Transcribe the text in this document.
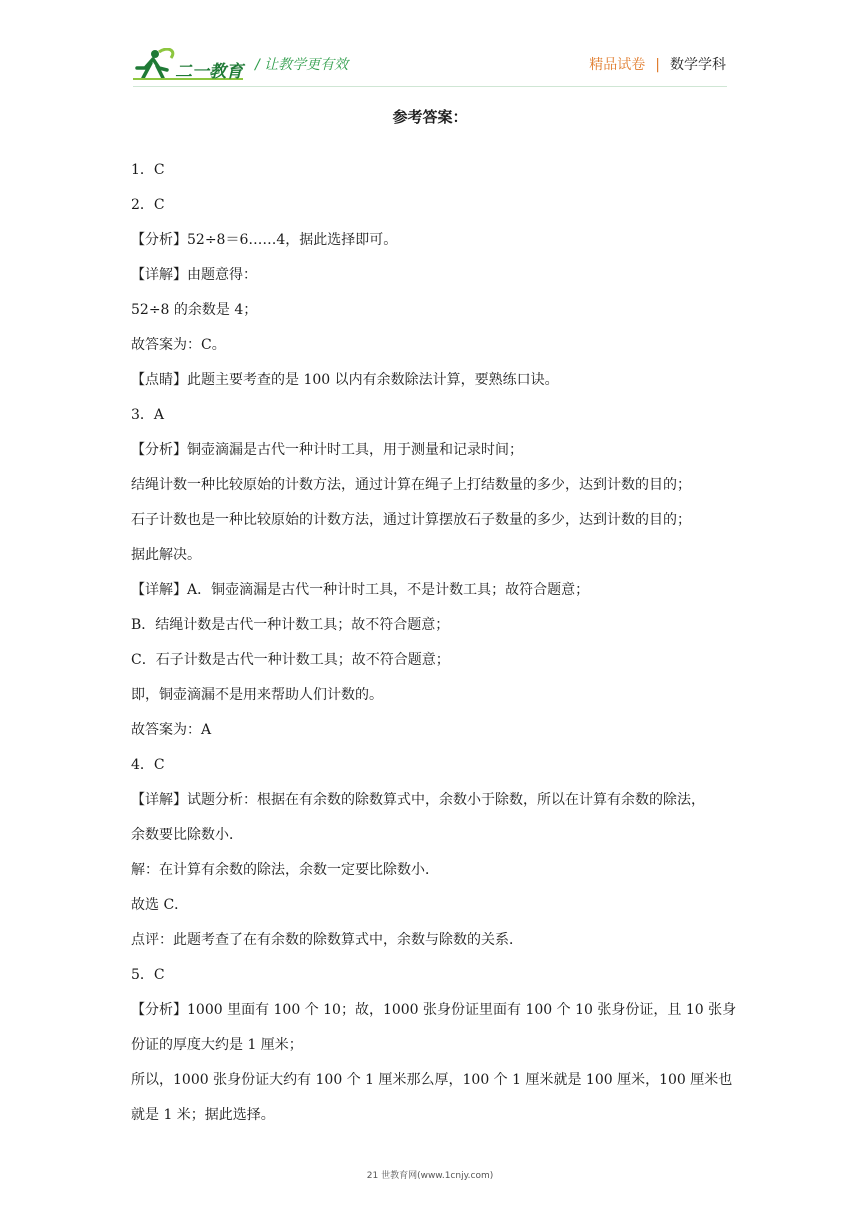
二一教育 / 让教学更有效	精品试卷 | 数学学科
参考答案：
1．C
2．C
【分析】52÷8＝6……4，据此选择即可。
【详解】由题意得：
52÷8 的余数是 4；
故答案为：C。
【点睛】此题主要考查的是 100 以内有余数除法计算，要熟练口诀。
3．A
【分析】铜壶滴漏是古代一种计时工具，用于测量和记录时间；
结绳计数一种比较原始的计数方法，通过计算在绳子上打结数量的多少，达到计数的目的；
石子计数也是一种比较原始的计数方法，通过计算摆放石子数量的多少，达到计数的目的；
据此解决。
【详解】A．铜壶滴漏是古代一种计时工具，不是计数工具；故符合题意；
B．结绳计数是古代一种计数工具；故不符合题意；
C．石子计数是古代一种计数工具；故不符合题意；
即，铜壶滴漏不是用来帮助人们计数的。
故答案为：A
4．C
【详解】试题分析：根据在有余数的除数算式中，余数小于除数，所以在计算有余数的除法，
余数要比除数小．
解：在计算有余数的除法，余数一定要比除数小．
故选 C．
点评：此题考查了在有余数的除数算式中，余数与除数的关系．
5．C
【分析】1000 里面有 100 个 10；故，1000 张身份证里面有 100 个 10 张身份证，且 10 张身
份证的厚度大约是 1 厘米；
所以，1000 张身份证大约有 100 个 1 厘米那么厚，100 个 1 厘米就是 100 厘米，100 厘米也
就是 1 米；据此选择。
21 世教育网(www.1cnjy.com)
